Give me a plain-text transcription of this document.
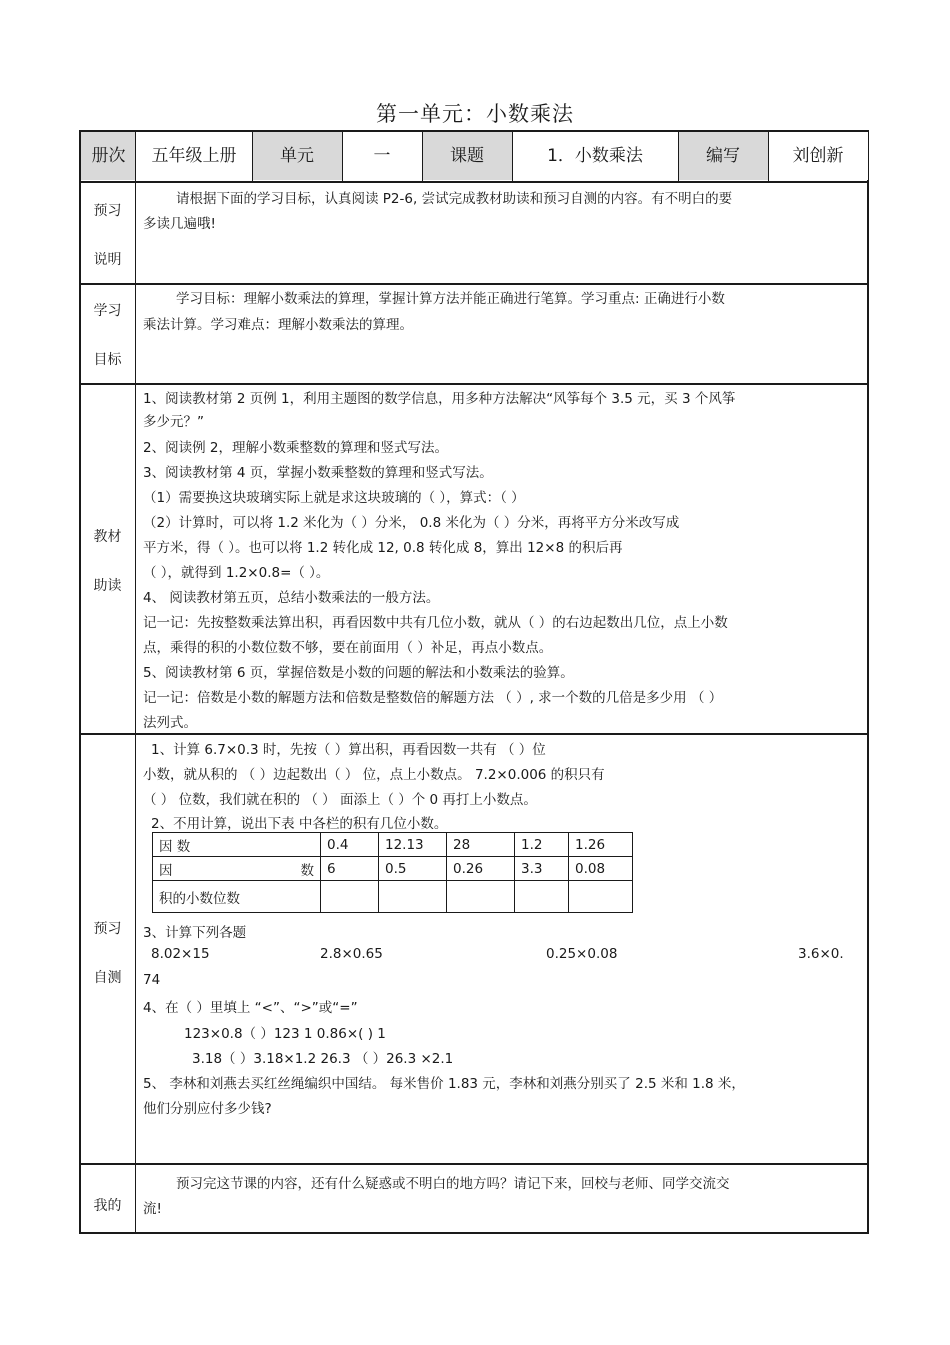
第一单元：小数乘法
册次	五年级上册	单元	一	课题	1．小数乘法	编写	刘创新
预习
说明
请根据下面的学习目标，认真阅读 P2-6, 尝试完成教材助读和预习自测的内容。有不明白的要
多读几遍哦!
学习
目标
学习目标：理解小数乘法的算理，掌握计算方法并能正确进行笔算。学习重点: 正确进行小数
乘法计算。学习难点：理解小数乘法的算理。
教材
助读
1、阅读教材第 2 页例 1，利用主题图的数学信息，用多种方法解决“风筝每个 3.5 元，买 3 个风筝
多少元？”
2、阅读例 2，理解小数乘整数的算理和竖式写法。
3、阅读教材第 4 页，掌握小数乘整数的算理和竖式写法。
（1）需要换这块玻璃实际上就是求这块玻璃的（ ），算式：（ ）
（2）计算时，可以将 1.2 米化为（ ）分米， 0.8 米化为（ ）分米，再将平方分米改写成
平方米，得（ ）。也可以将 1.2 转化成 12, 0.8 转化成 8，算出 12×8 的积后再
（ ），就得到 1.2×0.8=（ ）。
4、 阅读教材第五页，总结小数乘法的一般方法。
记一记：先按整数乘法算出积，再看因数中共有几位小数，就从（ ）的右边起数出几位，点上小数
点，乘得的积的小数位数不够，要在前面用（ ）补足，再点小数点。
5、阅读教材第 6 页，掌握倍数是小数的问题的解法和小数乘法的验算。
记一记：倍数是小数的解题方法和倍数是整数倍的解题方法 （ ）, 求一个数的几倍是多少用 （ ）
法列式。
预习
自测
1、计算 6.7×0.3 时，先按（ ）算出积，再看因数一共有 （ ）位
小数，就从积的 （ ）边起数出（ ） 位，点上小数点。 7.2×0.006 的积只有
（ ） 位数，我们就在积的 （ ） 面添上（ ）个 0 再打上小数点。
2、不用计算，说出下表 中各栏的积有几位小数。
因 数	0.4	12.13	28	1.2	1.26

因 数	6	0.5	0.26	3.3	0.08
积的小数位数					
3、计算下列各题
8.02×15	2.8×0.65	0.25×0.08	3.6×0.
74
4、在（ ）里填上 “<”、“>”或“=”
123×0.8（ ）123 1 0.86×( ) 1
3.18（ ）3.18×1.2 26.3 （ ）26.3 ×2.1
5、 李林和刘燕去买红丝绳编织中国结。 每米售价 1.83 元，李林和刘燕分别买了 2.5 米和 1.8 米，
他们分别应付多少钱?
我的
预习完这节课的内容，还有什么疑惑或不明白的地方吗？请记下来，回校与老师、同学交流交
流!
